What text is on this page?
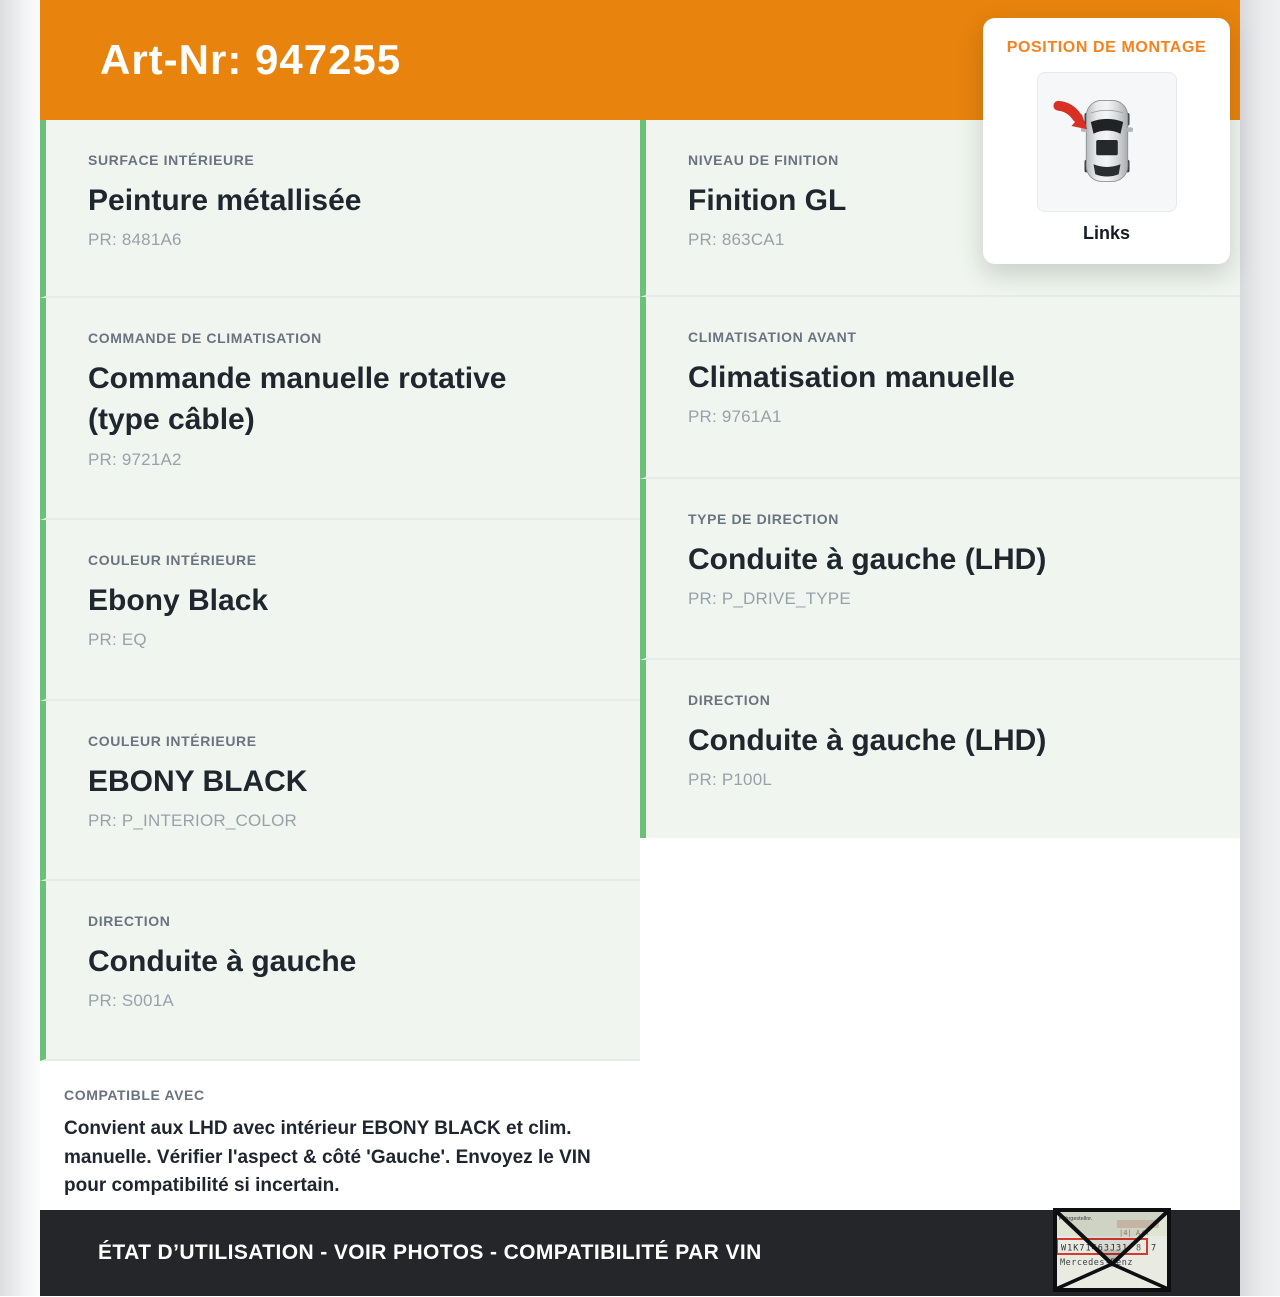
Art-Nr: 947255
SURFACE INTÉRIEURE
Peinture métallisée
PR: 8481A6
COMMANDE DE CLIMATISATION
Commande manuelle rotative (type câble)
PR: 9721A2
COULEUR INTÉRIEURE
Ebony Black
PR: EQ
COULEUR INTÉRIEURE
EBONY BLACK
PR: P_INTERIOR_COLOR
DIRECTION
Conduite à gauche
PR: S001A
COMPATIBLE AVEC
Convient aux LHD avec intérieur EBONY BLACK et clim. manuelle. Vérifier l'aspect & côté 'Gauche'. Envoyez le VIN pour compatibilité si incertain.
NIVEAU DE FINITION
Finition GL
PR: 863CA1
CLIMATISATION AVANT
Climatisation manuelle
PR: 9761A1
TYPE DE DIRECTION
Conduite à gauche (LHD)
PR: P_DRIVE_TYPE
DIRECTION
Conduite à gauche (LHD)
PR: P100L
ÉTAT D’UTILISATION - VOIR PHOTOS - COMPATIBILITÉ PAR VIN
POSITION DE MONTAGE
Links
Fahrgestellnr.
|4| A/A
W1K71463J31 8 7
Mercedes-Benz
